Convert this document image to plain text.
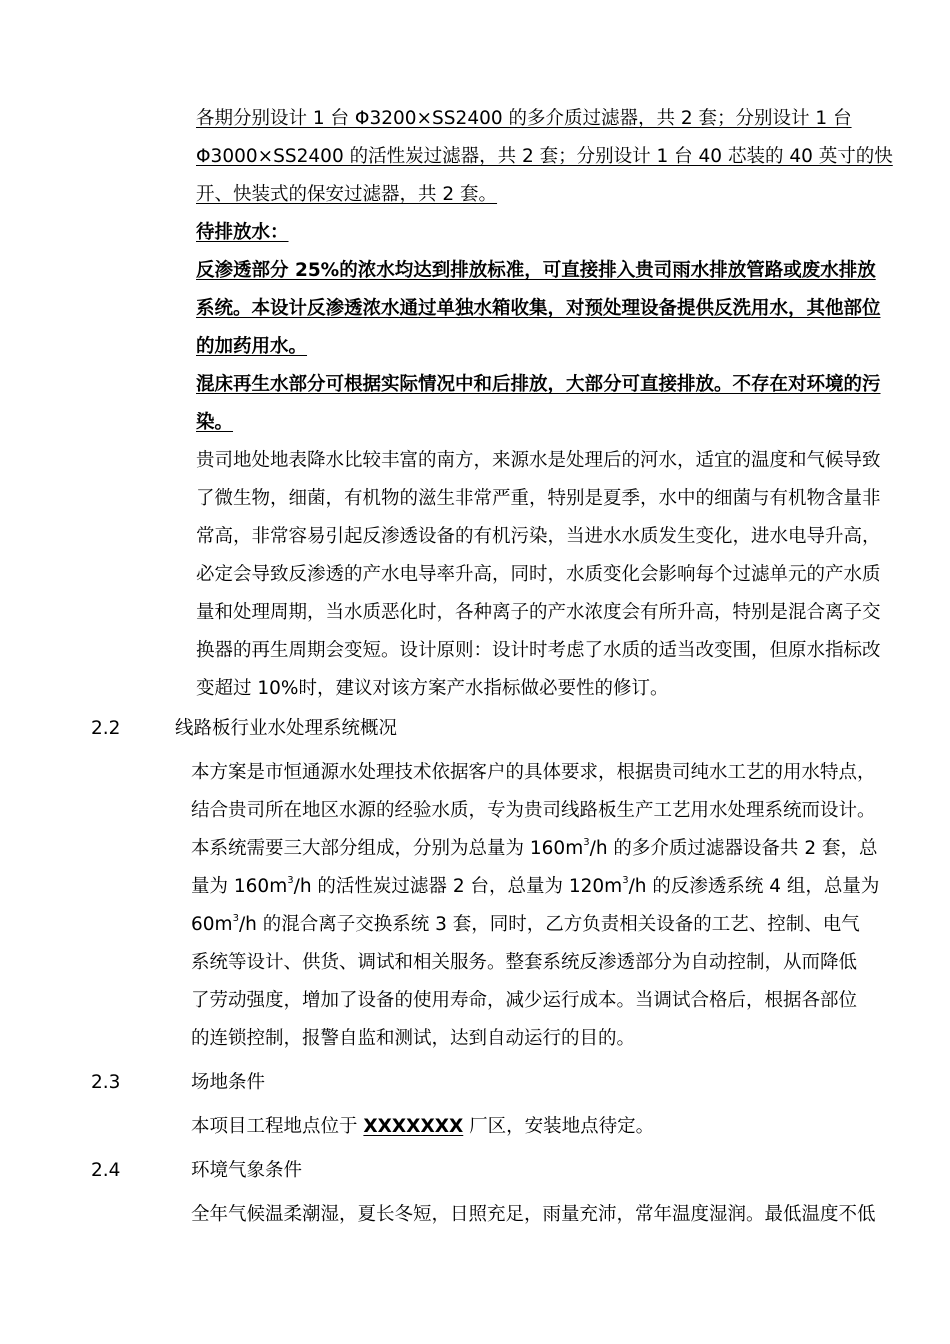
各期分别设计 1 台 Φ3200×SS2400 的多介质过滤器，共 2 套；分别设计 1 台
Φ3000×SS2400 的活性炭过滤器，共 2 套；分别设计 1 台 40 芯装的 40 英寸的快
开、快装式的保安过滤器，共 2 套。
待排放水：
反渗透部分 25%的浓水均达到排放标准，可直接排入贵司雨水排放管路或废水排放
系统。本设计反渗透浓水通过单独水箱收集，对预处理设备提供反洗用水，其他部位
的加药用水。
混床再生水部分可根据实际情况中和后排放，大部分可直接排放。不存在对环境的污
染。
贵司地处地表降水比较丰富的南方，来源水是处理后的河水，适宜的温度和气候导致
了微生物，细菌，有机物的滋生非常严重，特别是夏季，水中的细菌与有机物含量非
常高，非常容易引起反渗透设备的有机污染，当进水水质发生变化，进水电导升高，
必定会导致反渗透的产水电导率升高，同时，水质变化会影响每个过滤单元的产水质
量和处理周期，当水质恶化时，各种离子的产水浓度会有所升高，特别是混合离子交
换器的再生周期会变短。设计原则：设计时考虑了水质的适当改变围，但原水指标改
变超过 10%时，建议对该方案产水指标做必要性的修订。
2.2	线路板行业水处理系统概况
本方案是市恒通源水处理技术依据客户的具体要求，根据贵司纯水工艺的用水特点，
结合贵司所在地区水源的经验水质，专为贵司线路板生产工艺用水处理系统而设计。
本系统需要三大部分组成，分别为总量为 $160m^3/h$ 的多介质过滤器设备共 2 套，总
量为 $160m^3/h$ 的活性炭过滤器 2 台，总量为 $120m^3/h$ 的反渗透系统 4 组，总量为
$60m^3/h$ 的混合离子交换系统 3 套，同时，乙方负责相关设备的工艺、控制、电气
系统等设计、供货、调试和相关服务。整套系统反渗透部分为自动控制，从而降低
了劳动强度，增加了设备的使用寿命，减少运行成本。当调试合格后，根据各部位
的连锁控制，报警自监和测试，达到自动运行的目的。
2.3	场地条件
本项目工程地点位于 XXXXXXX 厂区，安装地点待定。
2.4	环境气象条件
全年气候温柔潮湿，夏长冬短，日照充足，雨量充沛，常年温度湿润。最低温度不低
